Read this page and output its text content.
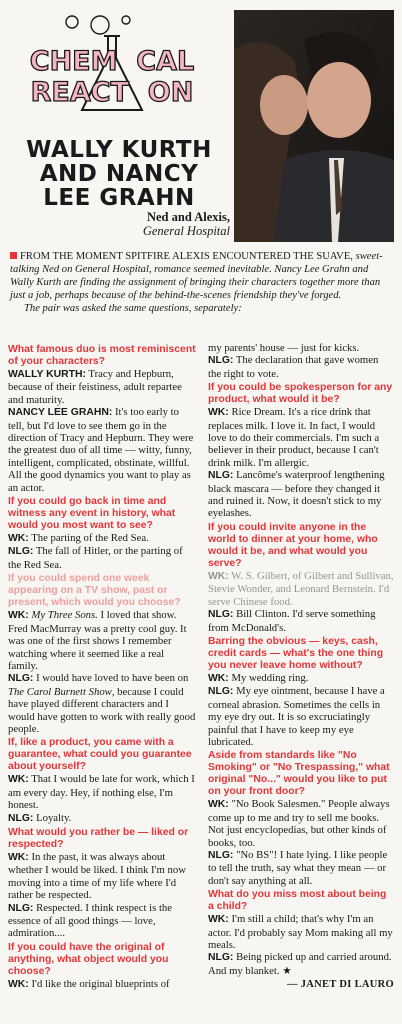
CHEM  CAL
REACT  ON
WALLY KURTH
AND NANCY
LEE GRAHN
Ned and Alexis,
General Hospital

FROM THE MOMENT SPITFIRE ALEXIS ENCOUNTERED THE SUAVE, sweet-talking Ned on General Hospital, romance seemed inevitable. Nancy Lee Grahn and Wally Kurth are finding the assignment of bringing their characters together more than just a job, perhaps because of the behind-the-scenes friendship they've forged.

The pair was asked the same questions, separately:

What famous duo is most reminiscent of your characters?

WALLY KURTH: Tracy and Hepburn, because of their feistiness, adult repartee and maturity.

NANCY LEE GRAHN: It's too early to tell, but I'd love to see them go in the direction of Tracy and Hepburn. They were the greatest duo of all time — witty, funny, intelligent, complicated, obstinate, willful. All the good dynamics you want to play as an actor.

If you could go back in time and witness any event in history, what would you most want to see?

WK: The parting of the Red Sea.

NLG: The fall of Hitler, or the parting of the Red Sea.

If you could spend one week appearing on a TV show, past or present, which would you choose?

WK: My Three Sons. I loved that show. Fred MacMurray was a pretty cool guy. It was one of the first shows I remember watching where it seemed like a real family.

NLG: I would have loved to have been on The Carol Burnett Show, because I could have played different characters and I would have gotten to work with really good people.

If, like a product, you came with a guarantee, what could you guarantee about yourself?

WK: That I would be late for work, which I am every day. Hey, if nothing else, I'm honest.

NLG: Loyalty.

What would you rather be — liked or respected?

WK: In the past, it was always about whether I would be liked. I think I'm now moving into a time of my life where I'd rather be respected.

NLG: Respected. I think respect is the essence of all good things — love, admiration....

If you could have the original of anything, what object would you choose?

WK: I'd like the original blueprints of

my parents' house — just for kicks.

NLG: The declaration that gave women the right to vote.

If you could be spokesperson for any product, what would it be?

WK: Rice Dream. It's a rice drink that replaces milk. I love it. In fact, I would love to do their commercials. I'm such a believer in their product, because I can't drink milk. I'm allergic.

NLG: Lancôme's waterproof lengthening black mascara — before they changed it and ruined it. Now, it doesn't stick to my eyelashes.

If you could invite anyone in the world to dinner at your home, who would it be, and what would you serve?

WK: W. S. Gilbert, of Gilbert and Sullivan, Stevie Wonder, and Leonard Bernstein. I'd serve Chinese food.

NLG: Bill Clinton. I'd serve something from McDonald's.

Barring the obvious — keys, cash, credit cards — what's the one thing you never leave home without?

WK: My wedding ring.

NLG: My eye ointment, because I have a corneal abrasion. Sometimes the cells in my eye dry out. It is so excruciatingly painful that I have to keep my eye lubricated.

Aside from standards like "No Smoking" or "No Trespassing," what original "No..." would you like to put on your front door?

WK: "No Book Salesmen." People always come up to me and try to sell me books. Not just encyclopedias, but other kinds of books, too.

NLG: "No BS"! I hate lying. I like people to tell the truth, say what they mean — or don't say anything at all.

What do you miss most about being a child?

WK: I'm still a child; that's why I'm an actor. I'd probably say Mom making all my meals.

NLG: Being picked up and carried around. And my blanket. ★

— JANET DI LAURO
